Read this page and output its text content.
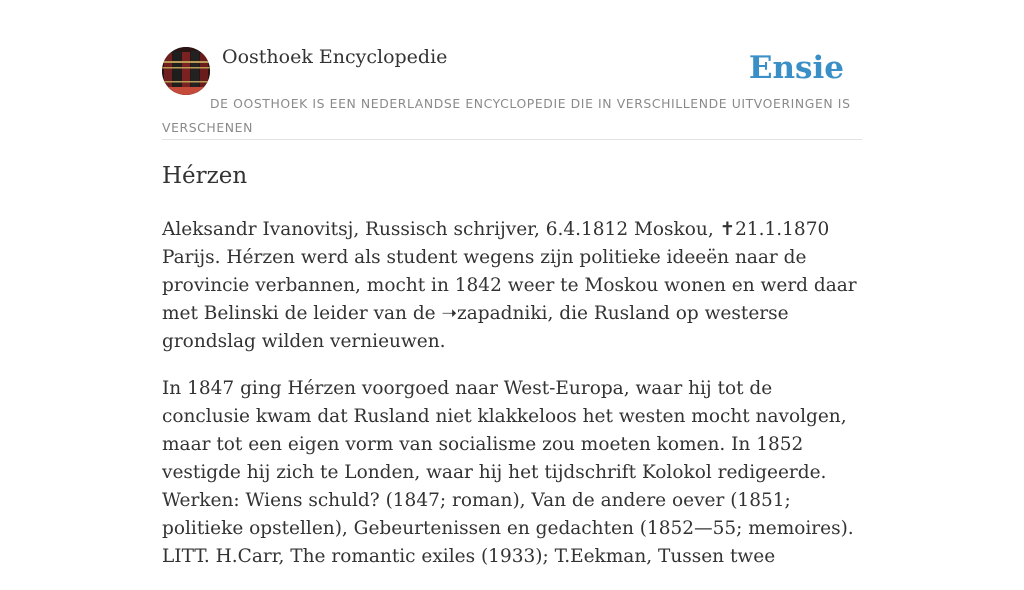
Oosthoek Encyclopedie	Ensie
DE OOSTHOEK IS EEN NEDERLANDSE ENCYCLOPEDIE DIE IN VERSCHILLENDE UITVOERINGEN IS VERSCHENEN
Hérzen

Aleksandr Ivanovitsj, Russisch schrijver, 6.4.1812 Moskou, ✝21.1.1870 Parijs. Hérzen werd als student wegens zijn politieke ideeën naar de provincie verbannen, mocht in 1842 weer te Moskou wonen en werd daar met Belinski de leider van de ➝zapadniki, die Rusland op westerse grondslag wilden vernieuwen.

In 1847 ging Hérzen voorgoed naar West-Europa, waar hij tot de conclusie kwam dat Rusland niet klakkeloos het westen mocht navolgen, maar tot een eigen vorm van socialisme zou moeten komen. In 1852 vestigde hij zich te Londen, waar hij het tijdschrift Kolokol redigeerde. Werken: Wiens schuld? (1847; roman), Van de andere oever (1851; politieke opstellen), Gebeurtenissen en gedachten (1852—55; memoires). LITT. H.Carr, The romantic exiles (1933); T.Eekman, Tussen twee
